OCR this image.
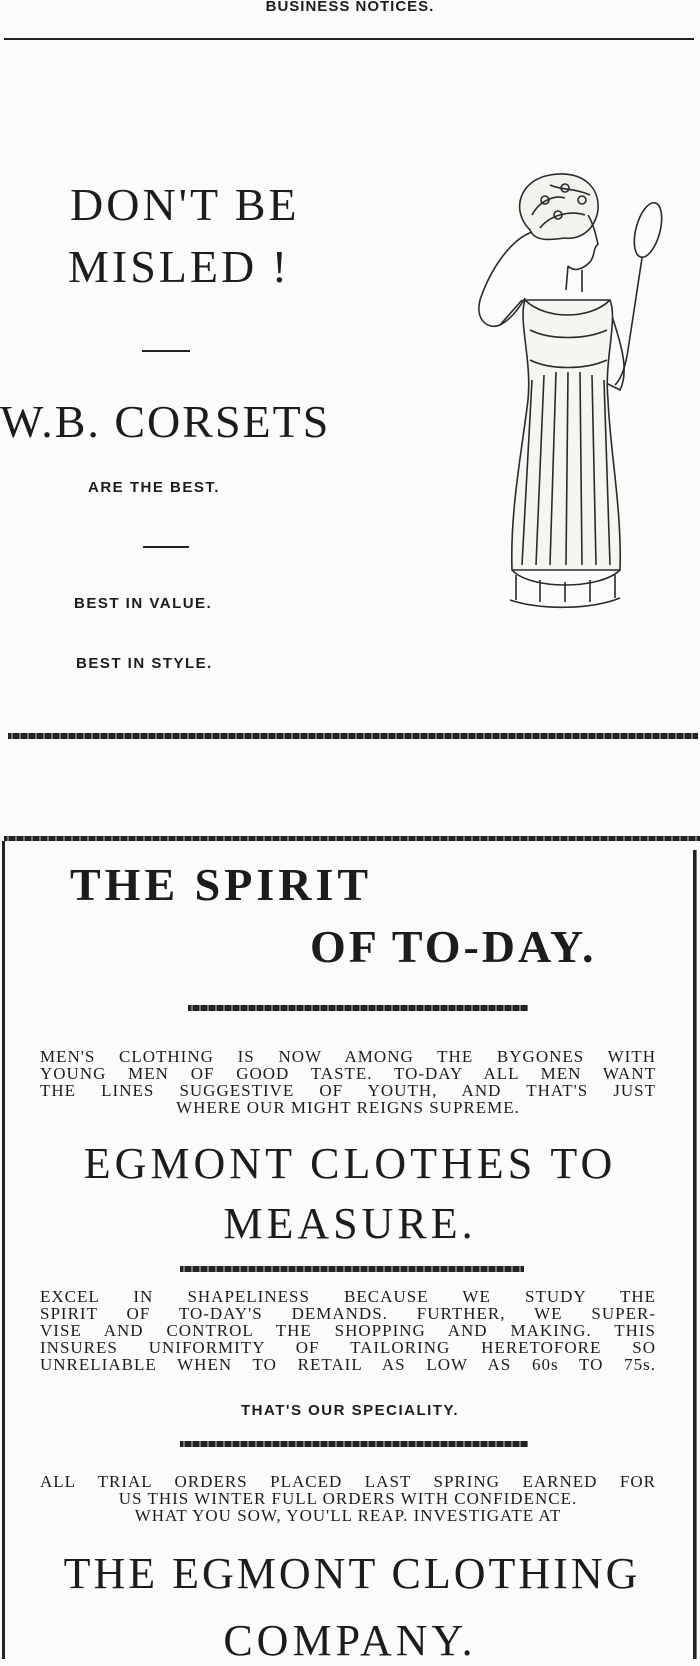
BUSINESS NOTICES.
DON'T BE
MISLED !
W.B. CORSETS
ARE THE BEST.
BEST IN VALUE.
BEST IN STYLE.
THE SPIRIT
OF TO-DAY.
MEN'S CLOTHING IS NOW AMONG THE BYGONES WITH
YOUNG MEN OF GOOD TASTE. TO-DAY ALL MEN WANT
THE LINES SUGGESTIVE OF YOUTH, AND THAT'S JUST
WHERE OUR MIGHT REIGNS SUPREME.
EGMONT CLOTHES TO
MEASURE.
EXCEL IN SHAPELINESS BECAUSE WE STUDY THE
SPIRIT OF TO-DAY'S DEMANDS. FURTHER, WE SUPER-
VISE AND CONTROL THE SHOPPING AND MAKING. THIS
INSURES UNIFORMITY OF TAILORING HERETOFORE SO
UNRELIABLE WHEN TO RETAIL AS LOW AS 60s TO 75s.
THAT'S OUR SPECIALITY.
ALL TRIAL ORDERS PLACED LAST SPRING EARNED FOR
US THIS WINTER FULL ORDERS WITH CONFIDENCE.
WHAT YOU SOW, YOU'LL REAP. INVESTIGATE AT
THE EGMONT CLOTHING
COMPANY.
